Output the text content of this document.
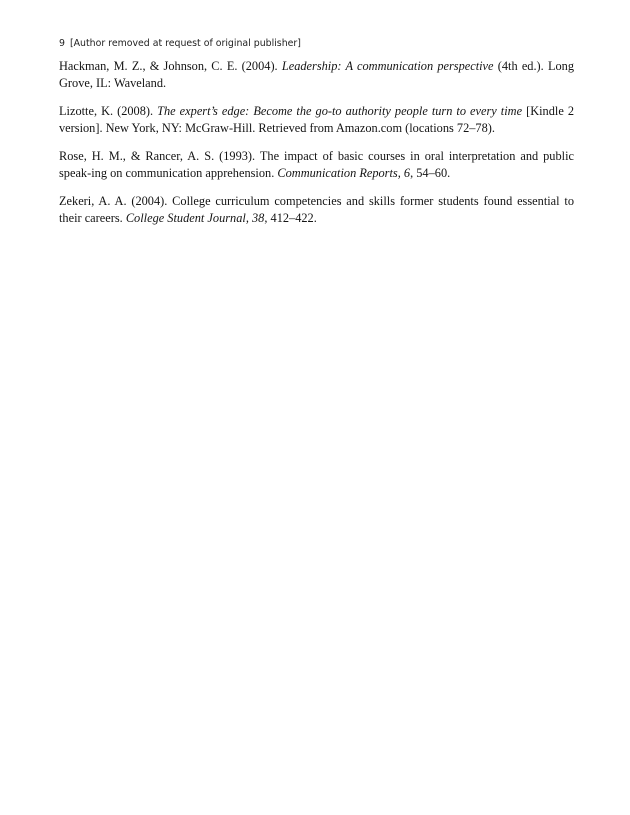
9 [Author removed at request of original publisher]

Hackman, M. Z., & Johnson, C. E. (2004). Leadership: A communication perspective (4th ed.). Long Grove, IL: Waveland.

Lizotte, K. (2008). The expert’s edge: Become the go-to authority people turn to every time [Kindle 2 version]. New York, NY: McGraw-Hill. Retrieved from Amazon.com (locations 72–78).

Rose, H. M., & Rancer, A. S. (1993). The impact of basic courses in oral interpretation and public speak-ing on communication apprehension. Communication Reports, 6, 54–60.

Zekeri, A. A. (2004). College curriculum competencies and skills former students found essential to their careers. College Student Journal, 38, 412–422.
